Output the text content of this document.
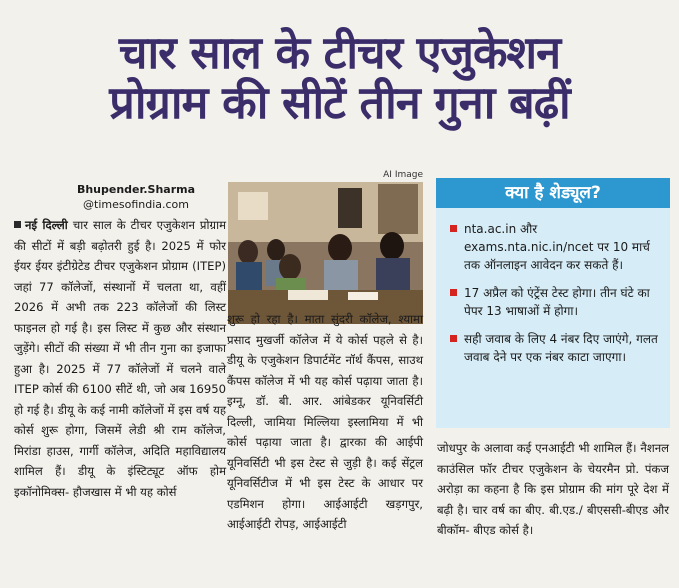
चार साल के टीचर एजुकेशन
प्रोग्राम की सीटें तीन गुना बढ़ीं
Bhupender.Sharma
@timesofindia.com
AI Image
नई दिल्ली चार साल के टीचर एजुकेशन प्रोग्राम की सीटों में बड़ी बढ़ोतरी हुई है। 2025 में फोर ईयर ईयर इंटीग्रेटेड टीचर एजुकेशन प्रोग्राम (ITEP) जहां 77 कॉलेजों, संस्थानों में चलता था, वहीं 2026 में अभी तक 223 कॉलेजों की लिस्ट फाइनल हो गई है। इस लिस्ट में कुछ और संस्थान जुड़ेंगे। सीटों की संख्या में भी तीन गुना का इजाफा हुआ है। 2025 में 77 कॉलेजों में चलने वाले ITEP कोर्स की 6100 सीटें थी, जो अब 16950 हो गई है। डीयू के कई नामी कॉलेजों में इस वर्ष यह कोर्स शुरू होगा, जिसमें लेडी श्री राम कॉलेज, मिरांडा हाउस, गार्गी कॉलेज, अदिति महाविद्यालय शामिल हैं। डीयू के इंस्टिट्यूट ऑफ होम इकॉनोमिक्स- हौजखास में भी यह कोर्स
शुरू हो रहा है। माता सुंदरी कॉलेज, श्यामा प्रसाद मुखर्जी कॉलेज में ये कोर्स पहले से है। डीयू के एजुकेशन डिपार्टमेंट नॉर्थ कैंपस, साउथ कैंपस कॉलेज में भी यह कोर्स पढ़ाया जाता है। इग्नू, डॉ. बी. आर. आंबेडकर यूनिवर्सिटी दिल्ली, जामिया मिल्लिया इस्लामिया में भी कोर्स पढ़ाया जाता है। द्वारका की आईपी यूनिवर्सिटी भी इस टेस्ट से जुड़ी है। कई सेंट्रल यूनिवर्सिटीज में भी इस टेस्ट के आधार पर एडमिशन होगा। आईआईटी खड़गपुर, आईआईटी रोपड़, आईआईटी
क्या है शेड्यूल?
nta.ac.in और exams.nta.nic.in/ncet पर 10 मार्च तक ऑनलाइन आवेदन कर सकते हैं।
17 अप्रैल को एंट्रेंस टेस्ट होगा। तीन घंटे का पेपर 13 भाषाओं में होगा।
सही जवाब के लिए 4 नंबर दिए जाएंगे, गलत जवाब देने पर एक नंबर काटा जाएगा।
जोधपुर के अलावा कई एनआईटी भी शामिल हैं। नैशनल काउंसिल फॉर टीचर एजुकेशन के चेयरमैन प्रो. पंकज अरोड़ा का कहना है कि इस प्रोग्राम की मांग पूरे देश में बढ़ी है। चार वर्ष का बीए. बी.एड./ बीएससी-बीएड और बीकॉम- बीएड कोर्स है।
